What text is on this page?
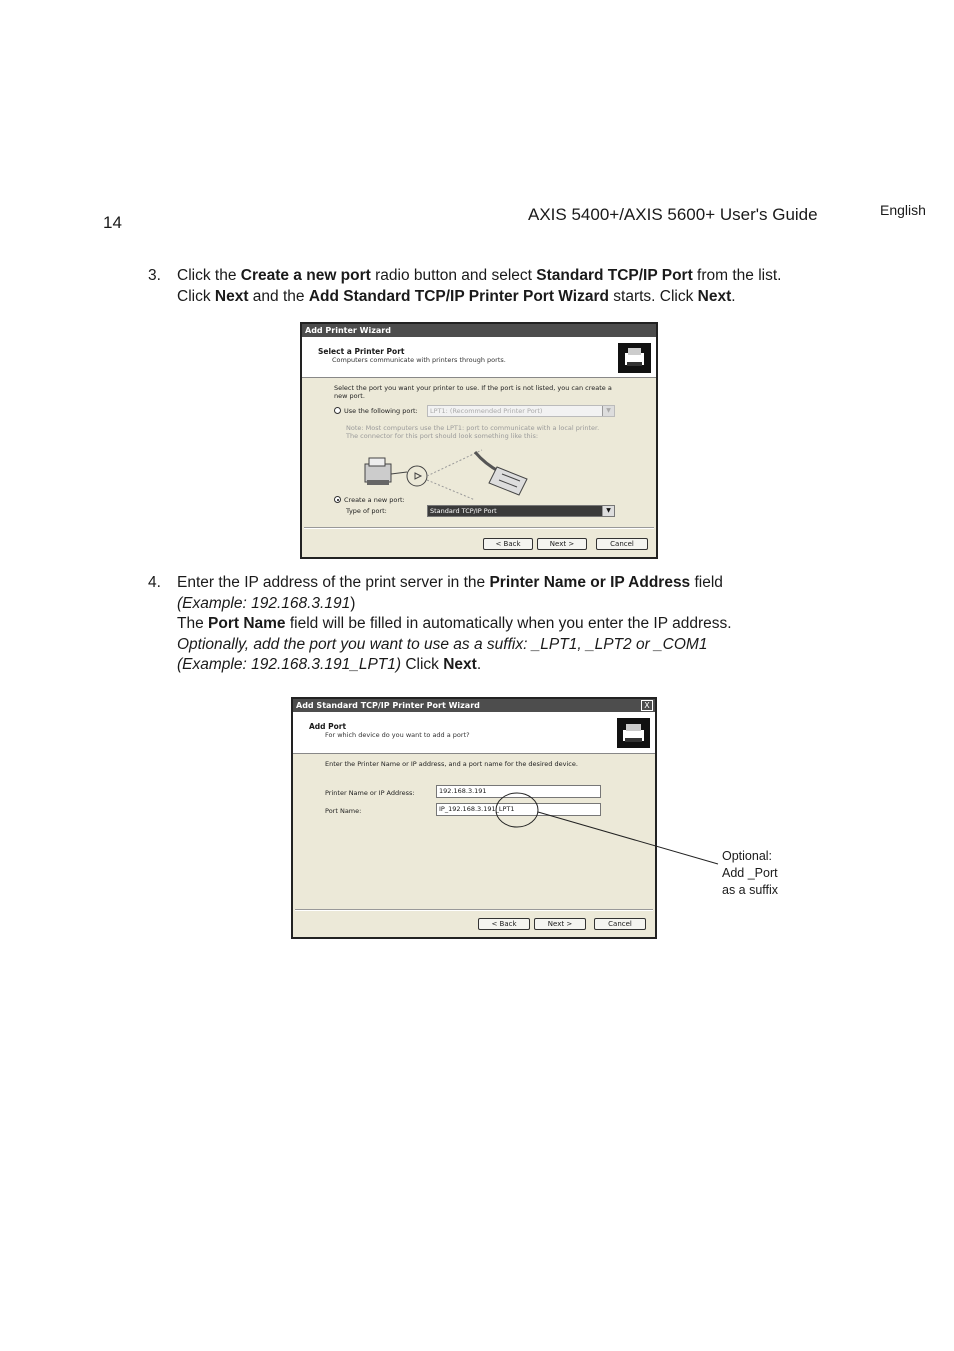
14	AXIS 5400+/AXIS 5600+ User's Guide	English
3. Click the Create a new port radio button and select Standard TCP/IP Port from the list.
Click Next and the Add Standard TCP/IP Printer Port Wizard starts. Click Next.
Add Printer Wizard
Select a Printer Port
Computers communicate with printers through ports.
Select the port you want your printer to use. If the port is not listed, you can create a
new port.
Use the following port:	LPT1: (Recommended Printer Port)	▼
Note: Most computers use the LPT1: port to communicate with a local printer.
The connector for this port should look something like this:
Create a new port:
Type of port:	Standard TCP/IP Port	▼
< Back	Next >	Cancel
4. Enter the IP address of the print server in the Printer Name or IP Address field
(Example: 192.168.3.191)
The Port Name field will be filled in automatically when you enter the IP address.
Optionally, add the port you want to use as a suffix: _LPT1, _LPT2 or _COM1
(Example: 192.168.3.191_LPT1) Click Next.
Add Standard TCP/IP Printer Port Wizard	X
Add Port
For which device do you want to add a port?
Enter the Printer Name or IP address, and a port name for the desired device.
Printer Name or IP Address:	192.168.3.191
Port Name:	IP_192.168.3.191_LPT1
< Back	Next >	Cancel
Optional:
Add _Port
as a suffix
